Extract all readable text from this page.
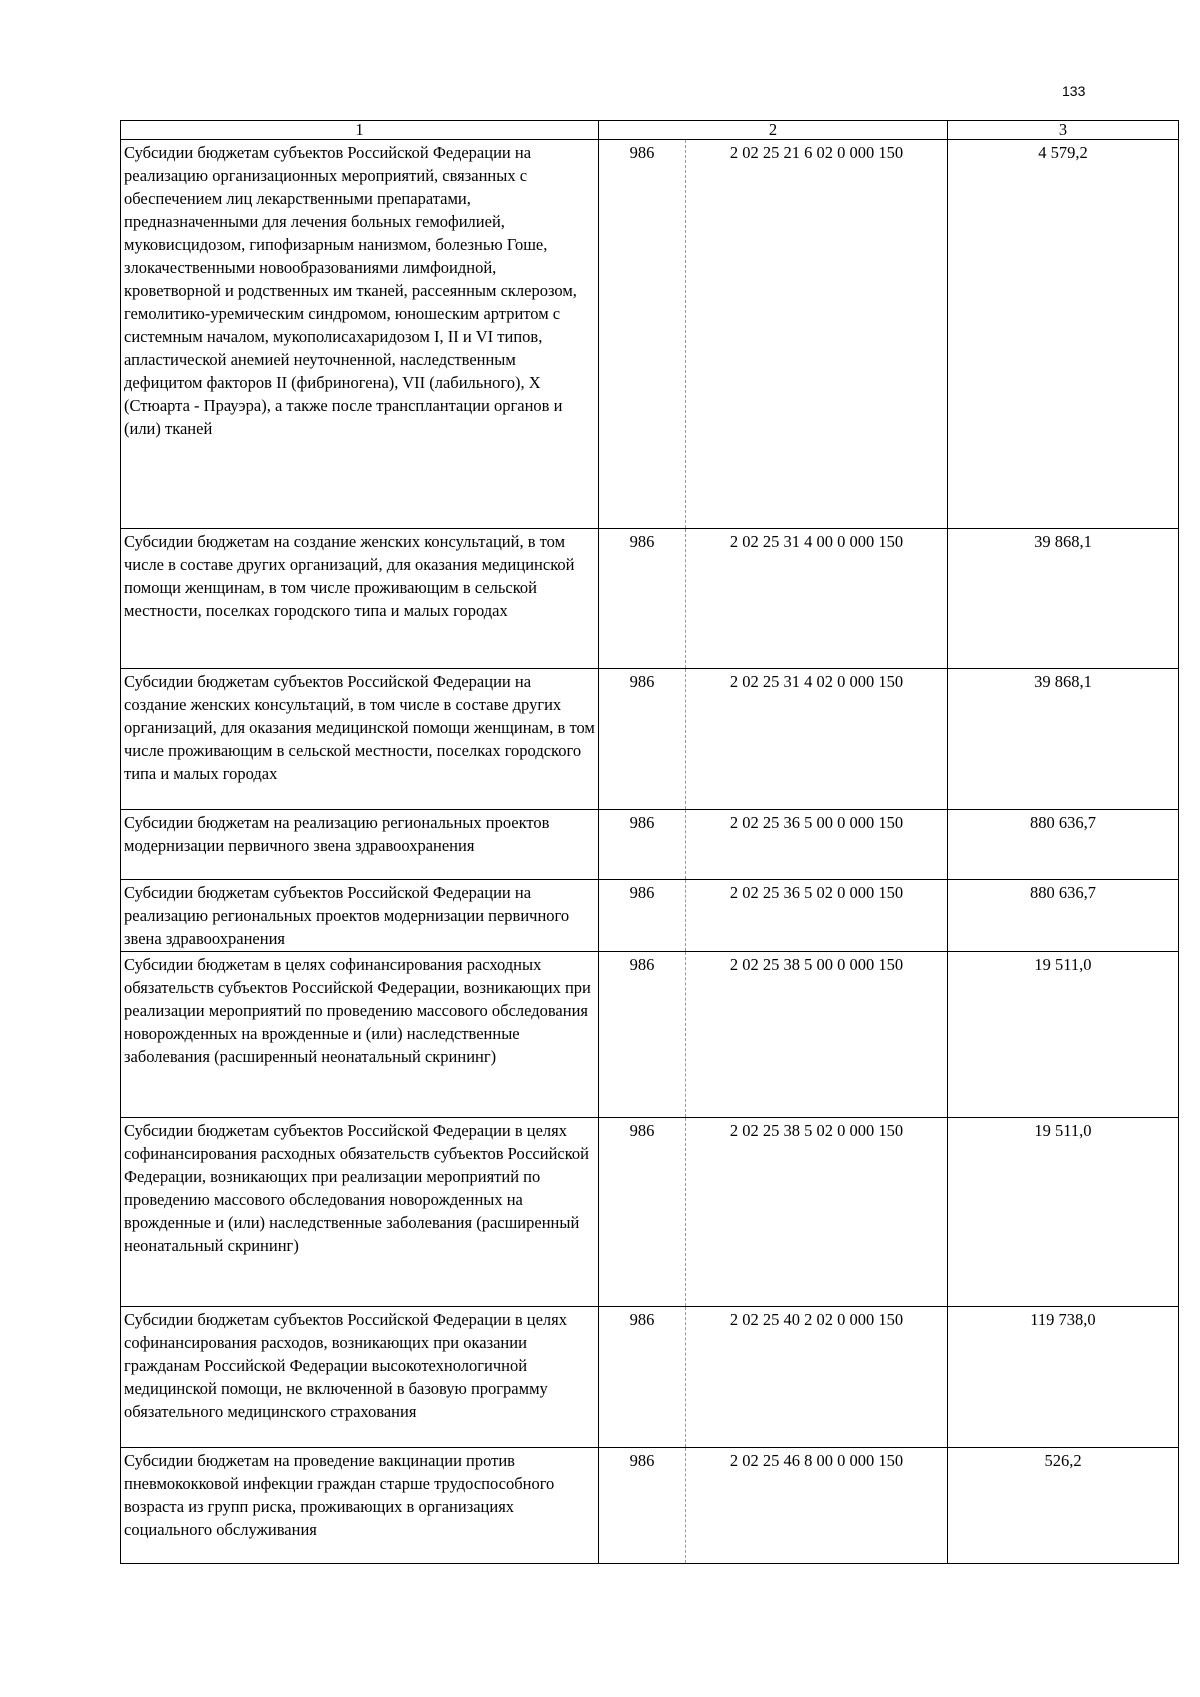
133
1	2		3
Субсидии бюджетам субъектов Российской Федерации на реализацию организационных мероприятий, связанных с обеспечением лиц лекарственными препаратами, предназначенными для лечения больных гемофилией, муковисцидозом, гипофизарным нанизмом, болезнью Гоше, злокачественными новообразованиями лимфоидной, кроветворной и родственных им тканей, рассеянным склерозом, гемолитико-уремическим синдромом, юношеским артритом с системным началом, мукополисахаридозом I, II и VI типов, апластической анемией неуточненной, наследственным дефицитом факторов II (фибриногена), VII (лабильного), X (Стюарта - Прауэра), а также после трансплантации органов и (или) тканей	986	2 02 25 21 6 02 0 000 150	4 579,2
Субсидии бюджетам на создание женских консультаций, в том числе в составе других организаций, для оказания медицинской помощи женщинам, в том числе проживающим в сельской местности, поселках городского типа и малых городах	986	2 02 25 31 4 00 0 000 150	39 868,1
Субсидии бюджетам субъектов Российской Федерации на создание женских консультаций, в том числе в составе других организаций, для оказания медицинской помощи женщинам, в том числе проживающим в сельской местности, поселках городского типа и малых городах	986	2 02 25 31 4 02 0 000 150	39 868,1
Субсидии бюджетам на реализацию региональных проектов модернизации первичного звена здравоохранения	986	2 02 25 36 5 00 0 000 150	880 636,7
Субсидии бюджетам субъектов Российской Федерации на реализацию региональных проектов модернизации первичного звена здравоохранения	986	2 02 25 36 5 02 0 000 150	880 636,7
Субсидии бюджетам в целях софинансирования расходных обязательств субъектов Российской Федерации, возникающих при реализации мероприятий по проведению массового обследования новорожденных на врожденные и (или) наследственные заболевания (расширенный неонатальный скрининг)	986	2 02 25 38 5 00 0 000 150	19 511,0
Субсидии бюджетам субъектов Российской Федерации в целях софинансирования расходных обязательств субъектов Российской Федерации, возникающих при реализации мероприятий по проведению массового обследования новорожденных на врожденные и (или) наследственные заболевания (расширенный неонатальный скрининг)	986	2 02 25 38 5 02 0 000 150	19 511,0
Субсидии бюджетам субъектов Российской Федерации в целях софинансирования расходов, возникающих при оказании гражданам Российской Федерации высокотехнологичной медицинской помощи, не включенной в базовую программу обязательного медицинского страхования	986	2 02 25 40 2 02 0 000 150	119 738,0
Субсидии бюджетам на проведение вакцинации против пневмококковой инфекции граждан старше трудоспособного возраста из групп риска, проживающих в организациях социального обслуживания	986	2 02 25 46 8 00 0 000 150	526,2
